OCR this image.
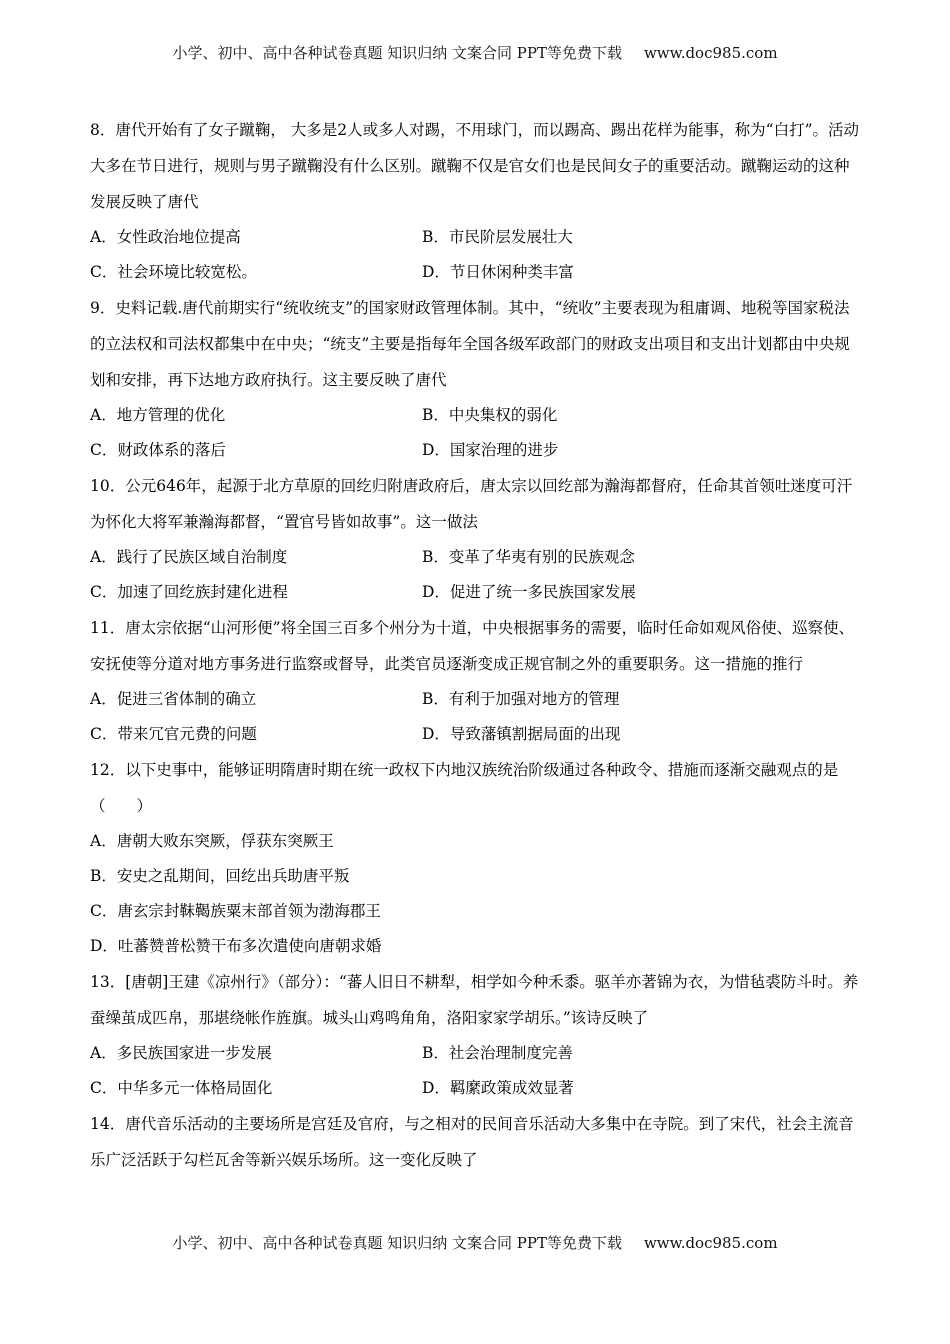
小学、初中、高中各种试卷真题 知识归纳 文案合同 PPT等免费下载 www.doc985.com

8．唐代开始有了女子蹴鞠， 大多是2人或多人对踢，不用球门，而以踢高、踢出花样为能事，称为“白打”。活动大多在节日进行，规则与男子蹴鞠没有什么区别。蹴鞠不仅是官女们也是民间女子的重要活动。蹴鞠运动的这种发展反映了唐代

A．女性政治地位提高	B．市民阶层发展壮大
C．社会环境比较宽松。	D．节日休闲种类丰富

9．史料记载.唐代前期实行“统收统支”的国家财政管理体制。其中，“统收”主要表现为租庸调、地税等国家税法的立法权和司法权都集中在中央；“统支”主要是指每年全国各级军政部门的财政支出项目和支出计划都由中央规划和安排，再下达地方政府执行。这主要反映了唐代

A．地方管理的优化	B．中央集权的弱化
C．财政体系的落后	D．国家治理的进步

10．公元646年，起源于北方草原的回纥归附唐政府后，唐太宗以回纥部为瀚海都督府，任命其首领吐迷度可汗为怀化大将军兼瀚海都督，“置官号皆如故事”。这一做法

A．践行了民族区域自治制度	B．变革了华夷有别的民族观念
C．加速了回纥族封建化进程	D．促进了统一多民族国家发展

11．唐太宗依据“山河形便”将全国三百多个州分为十道，中央根据事务的需要，临时任命如观风俗使、巡察使、安抚使等分道对地方事务进行监察或督导，此类官员逐渐变成正规官制之外的重要职务。这一措施的推行

A．促进三省体制的确立	B．有利于加强对地方的管理
C．带来冗官元费的问题	D．导致藩镇割据局面的出现

12．以下史事中，能够证明隋唐时期在统一政权下内地汉族统治阶级通过各种政令、措施而逐渐交融观点的是（　　）

A．唐朝大败东突厥，俘获东突厥王
B．安史之乱期间，回纥出兵助唐平叛
C．唐玄宗封靺鞨族粟末部首领为渤海郡王
D．吐蕃赞普松赞干布多次遣使向唐朝求婚

13．[唐朝]王建《凉州行》（部分）：“蕃人旧日不耕犁，相学如今种禾黍。驱羊亦著锦为衣，为惜毡裘防斗时。养蚕缲茧成匹帛，那堪绕帐作旌旗。城头山鸡鸣角角，洛阳家家学胡乐。”该诗反映了

A．多民族国家进一步发展	B．社会治理制度完善
C．中华多元一体格局固化	D．羁縻政策成效显著

14．唐代音乐活动的主要场所是宫廷及官府，与之相对的民间音乐活动大多集中在寺院。到了宋代，社会主流音乐广泛活跃于勾栏瓦舍等新兴娱乐场所。这一变化反映了

小学、初中、高中各种试卷真题 知识归纳 文案合同 PPT等免费下载 www.doc985.com
